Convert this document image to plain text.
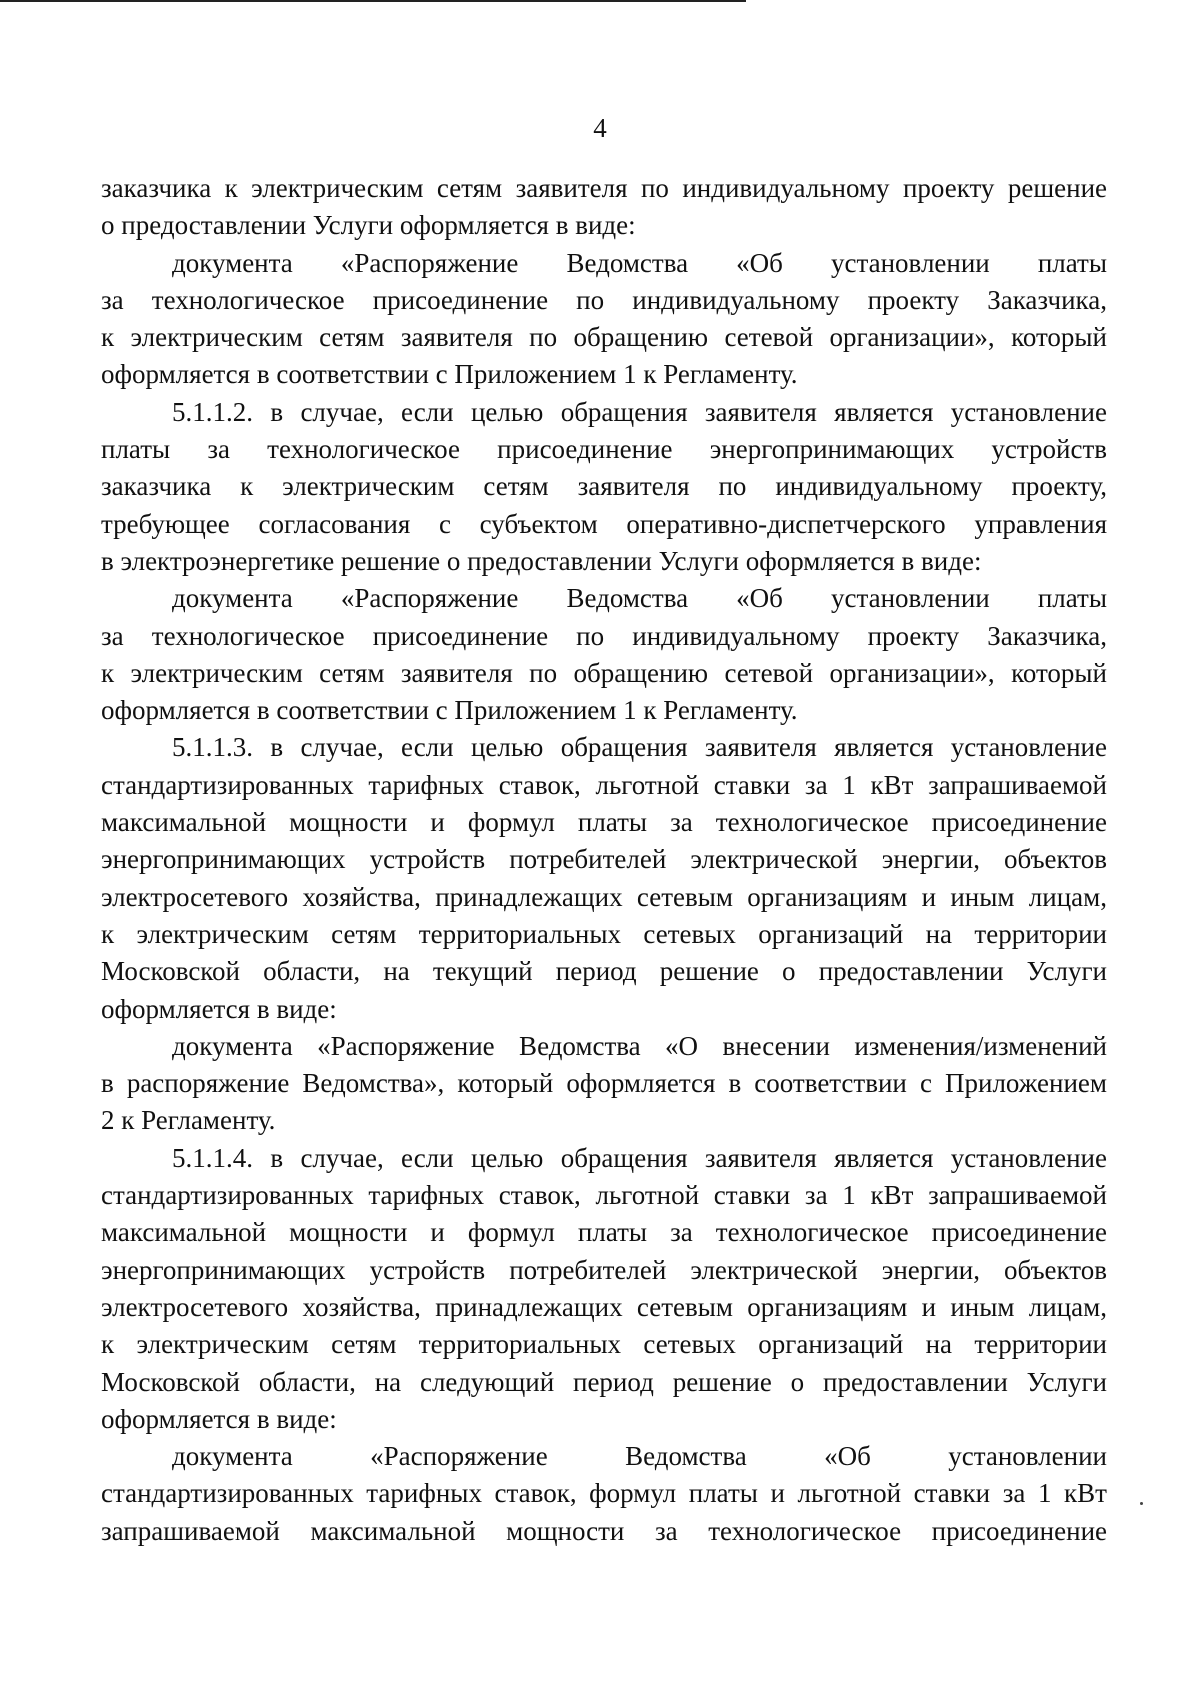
4
заказчика к электрическим сетям заявителя по индивидуальному проекту решение
о предоставлении Услуги оформляется в виде:
документа «Распоряжение Ведомства «Об установлении платы
за технологическое присоединение по индивидуальному проекту Заказчика,
к электрическим сетям заявителя по обращению сетевой организации», который
оформляется в соответствии с Приложением 1 к Регламенту.
5.1.1.2. в случае, если целью обращения заявителя является установление
платы за технологическое присоединение энергопринимающих устройств
заказчика к электрическим сетям заявителя по индивидуальному проекту,
требующее согласования с субъектом оперативно-диспетчерского управления
в электроэнергетике решение о предоставлении Услуги оформляется в виде:
документа «Распоряжение Ведомства «Об установлении платы
за технологическое присоединение по индивидуальному проекту Заказчика,
к электрическим сетям заявителя по обращению сетевой организации», который
оформляется в соответствии с Приложением 1 к Регламенту.
5.1.1.3. в случае, если целью обращения заявителя является установление
стандартизированных тарифных ставок, льготной ставки за 1 кВт запрашиваемой
максимальной мощности и формул платы за технологическое присоединение
энергопринимающих устройств потребителей электрической энергии, объектов
электросетевого хозяйства, принадлежащих сетевым организациям и иным лицам,
к электрическим сетям территориальных сетевых организаций на территории
Московской области, на текущий период решение о предоставлении Услуги
оформляется в виде:
документа «Распоряжение Ведомства «О внесении изменения/изменений
в распоряжение Ведомства», который оформляется в соответствии с Приложением
2 к Регламенту.
5.1.1.4. в случае, если целью обращения заявителя является установление
стандартизированных тарифных ставок, льготной ставки за 1 кВт запрашиваемой
максимальной мощности и формул платы за технологическое присоединение
энергопринимающих устройств потребителей электрической энергии, объектов
электросетевого хозяйства, принадлежащих сетевым организациям и иным лицам,
к электрическим сетям территориальных сетевых организаций на территории
Московской области, на следующий период решение о предоставлении Услуги
оформляется в виде:
документа «Распоряжение Ведомства «Об установлении
стандартизированных тарифных ставок, формул платы и льготной ставки за 1 кВт
запрашиваемой максимальной мощности за технологическое присоединение
